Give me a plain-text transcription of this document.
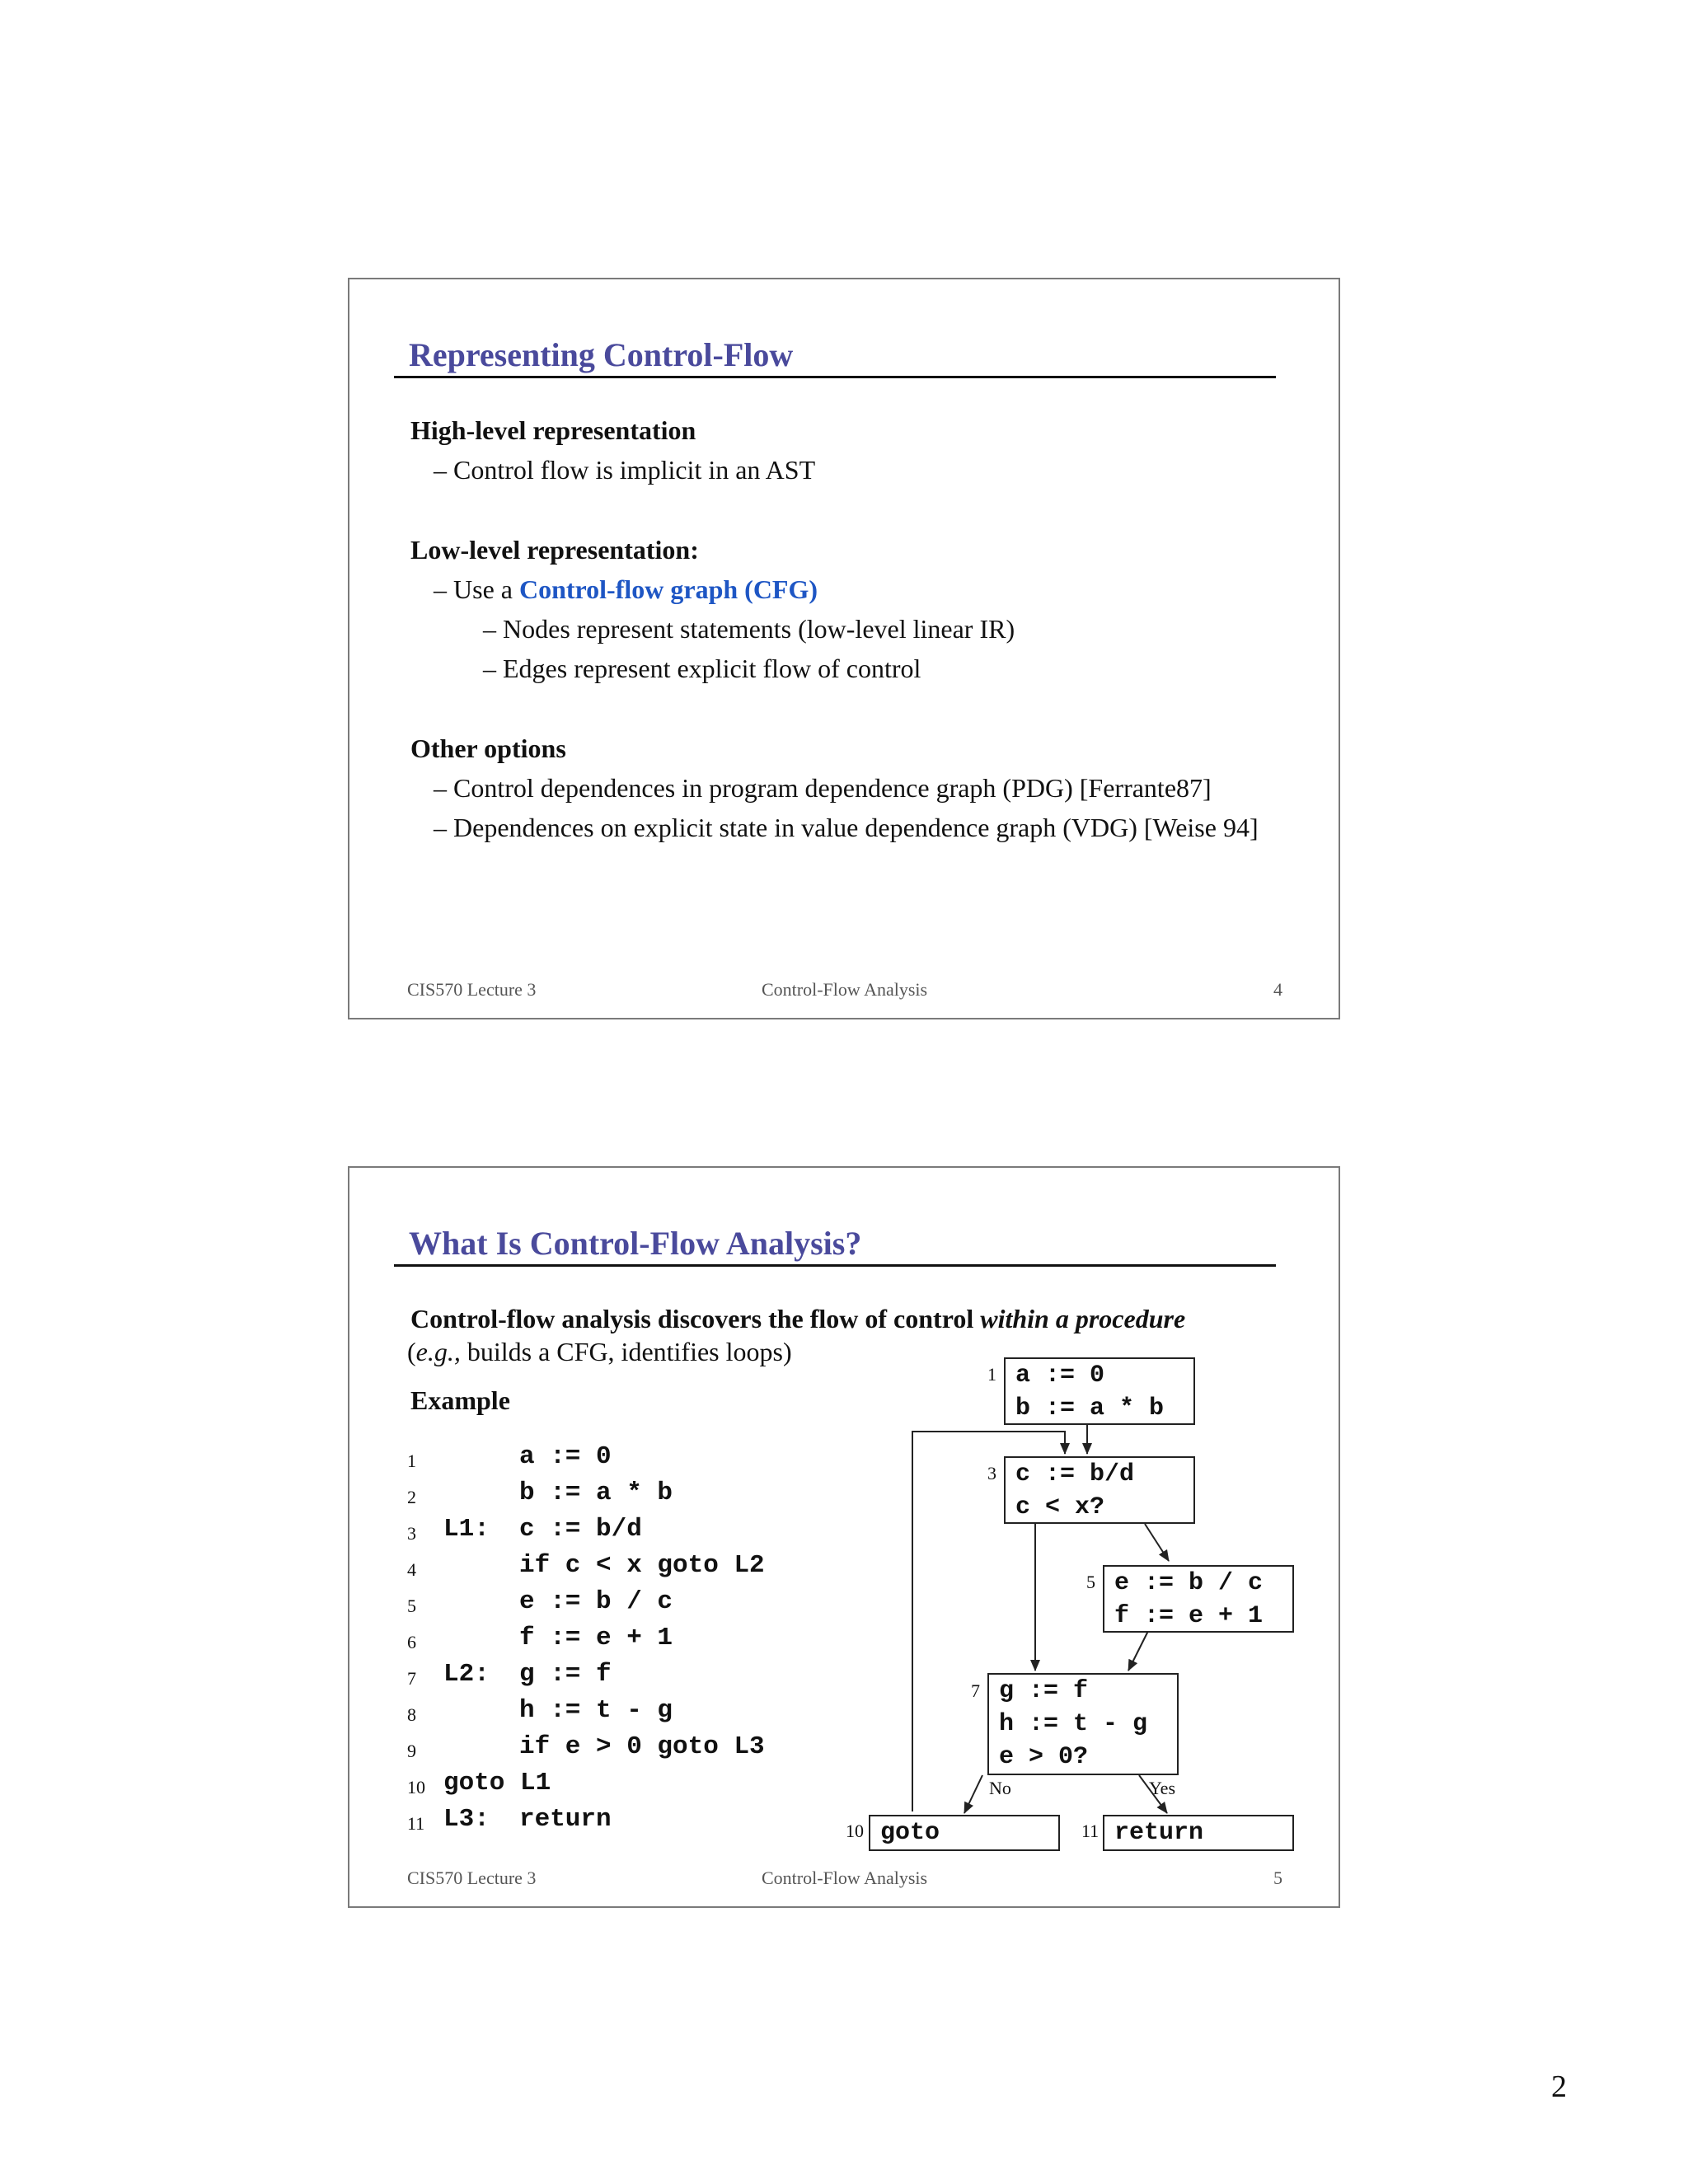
Representing Control-Flow
High-level representation
– Control flow is implicit in an AST
Low-level representation:
– Use a Control-flow graph (CFG)
– Nodes represent statements (low-level linear IR)
– Edges represent explicit flow of control
Other options
– Control dependences in program dependence graph (PDG) [Ferrante87]
– Dependences on explicit state in value dependence graph (VDG) [Weise 94]
CIS570 Lecture 3	Control-Flow Analysis	4
What Is Control-Flow Analysis?
Control-flow analysis discovers the flow of control within a procedure
(e.g., builds a CFG, identifies loops)
Example
1	a := 0
2	b := a * b
3	L1: c := b/d
4	if c < x goto L2
5	e := b / c
6	f := e + 1
7	L2: g := f
8	h := t - g
9	if e > 0 goto L3
10 goto L1
11 L3: return
1 a := 0
b := a * b
3 c := b/d
c < x?
5 e := b / c
f := e + 1
7 g := f
h := t - g
e > 0?
No	Yes
10 goto	11 return
CIS570 Lecture 3	Control-Flow Analysis	5
2
